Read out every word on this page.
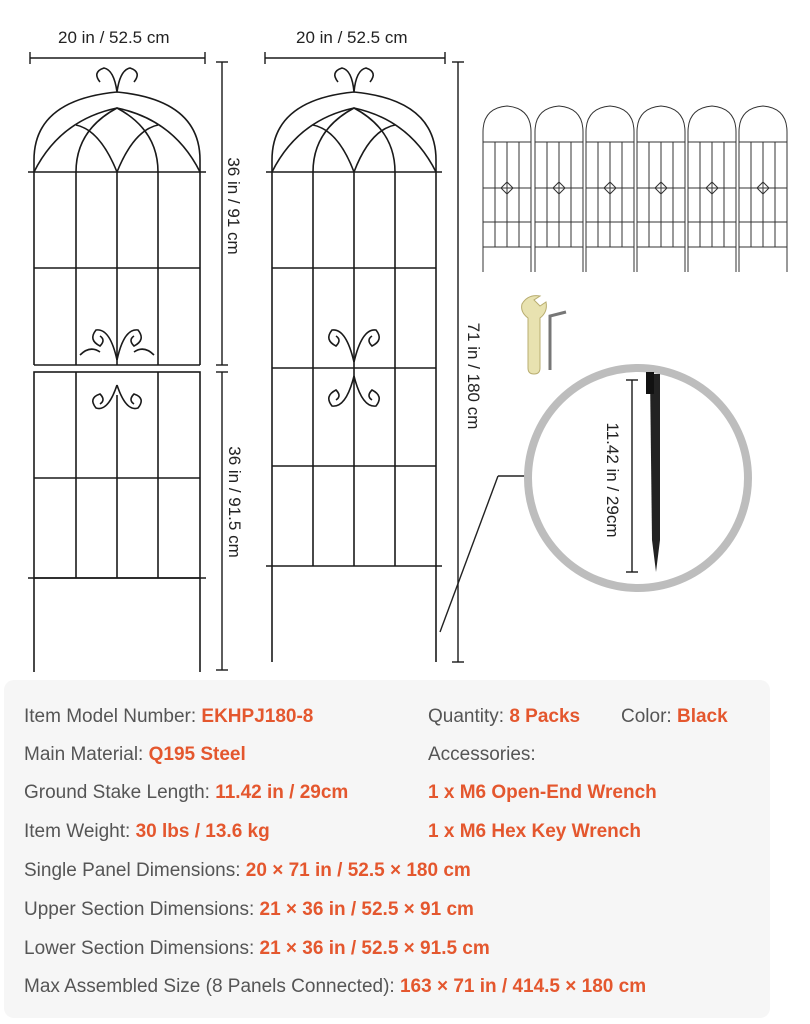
20 in / 52.5 cm	20 in / 52.5 cm
36 in / 91 cm
36 in / 91.5 cm
71 in / 180 cm
11.42 in / 29cm
Item Model Number: EKHPJ180-8	Quantity: 8 Packs Color: Black
Main Material: Q195 Steel	Accessories:
Ground Stake Length: 11.42 in / 29cm	1 x M6 Open-End Wrench
Item Weight: 30 lbs / 13.6 kg	1 x M6 Hex Key Wrench
Single Panel Dimensions: 20 × 71 in / 52.5 × 180 cm
Upper Section Dimensions: 21 × 36 in / 52.5 × 91 cm
Lower Section Dimensions: 21 × 36 in / 52.5 × 91.5 cm
Max Assembled Size (8 Panels Connected): 163 × 71 in / 414.5 × 180 cm
